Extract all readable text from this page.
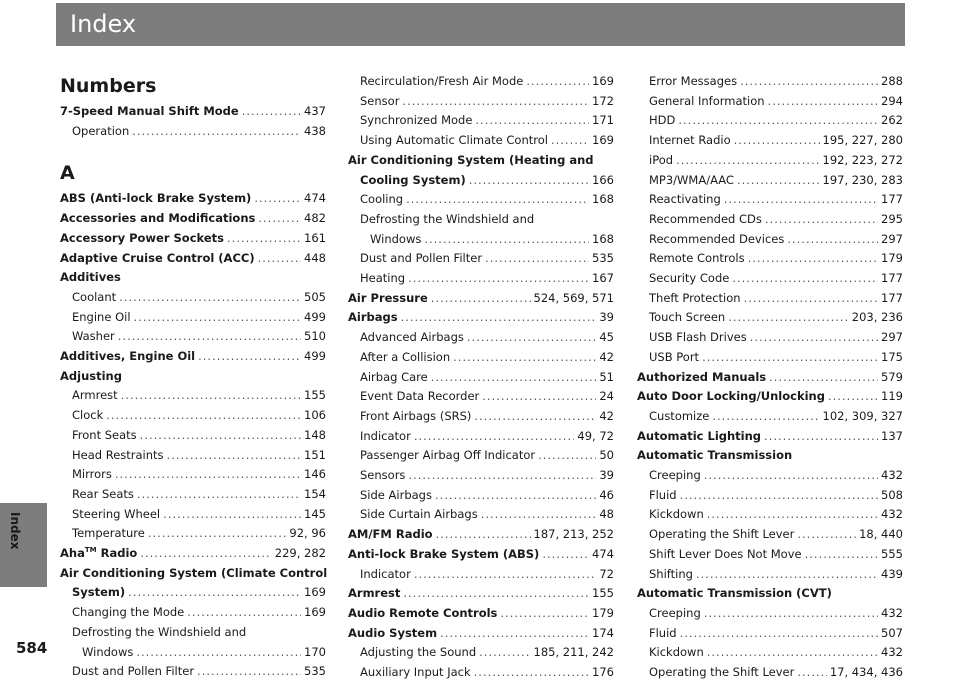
Index
Index
584
Numbers
7-Speed Manual Shift Mode .....	437
Operation .....	438
A
ABS (Anti-lock Brake System) .....	474
Accessories and Modifications .....	482
Accessory Power Sockets .....	161
Adaptive Cruise Control (ACC) .....	448
Additives
Coolant .....	505
Engine Oil .....	499
Washer .....	510
Additives, Engine Oil .....	499
Adjusting
Armrest .....	155
Clock .....	106
Front Seats .....	148
Head Restraints .....	151
Mirrors .....	146
Rear Seats .....	154
Steering Wheel .....	145
Temperature .....	92, 96
Aha™ Radio .....	229, 282
Air Conditioning System (Climate Control
System) .....	169
Changing the Mode .....	169
Defrosting the Windshield and
Windows .....	170
Dust and Pollen Filter .....	535
Recirculation/Fresh Air Mode .....	169
Sensor .....	172
Synchronized Mode .....	171
Using Automatic Climate Control .....	169
Air Conditioning System (Heating and
Cooling System) .....	166
Cooling .....	168
Defrosting the Windshield and
Windows .....	168
Dust and Pollen Filter .....	535
Heating .....	167
Air Pressure .....	524, 569, 571
Airbags .....	39
Advanced Airbags .....	45
After a Collision .....	42
Airbag Care .....	51
Event Data Recorder .....	24
Front Airbags (SRS) .....	42
Indicator .....	49, 72
Passenger Airbag Off Indicator .....	50
Sensors .....	39
Side Airbags .....	46
Side Curtain Airbags .....	48
AM/FM Radio .....	187, 213, 252
Anti-lock Brake System (ABS) .....	474
Indicator .....	72
Armrest .....	155
Audio Remote Controls .....	179
Audio System .....	174
Adjusting the Sound .....	185, 211, 242
Auxiliary Input Jack .....	176
Error Messages .....	288
General Information .....	294
HDD .....	262
Internet Radio .....	195, 227, 280
iPod .....	192, 223, 272
MP3/WMA/AAC .....	197, 230, 283
Reactivating .....	177
Recommended CDs .....	295
Recommended Devices .....	297
Remote Controls .....	179
Security Code .....	177
Theft Protection .....	177
Touch Screen .....	203, 236
USB Flash Drives .....	297
USB Port .....	175
Authorized Manuals .....	579
Auto Door Locking/Unlocking .....	119
Customize .....	102, 309, 327
Automatic Lighting .....	137
Automatic Transmission
Creeping .....	432
Fluid .....	508
Kickdown .....	432
Operating the Shift Lever .....	18, 440
Shift Lever Does Not Move .....	555
Shifting .....	439
Automatic Transmission (CVT)
Creeping .....	432
Fluid .....	507
Kickdown .....	432
Operating the Shift Lever .....	17, 434, 436
